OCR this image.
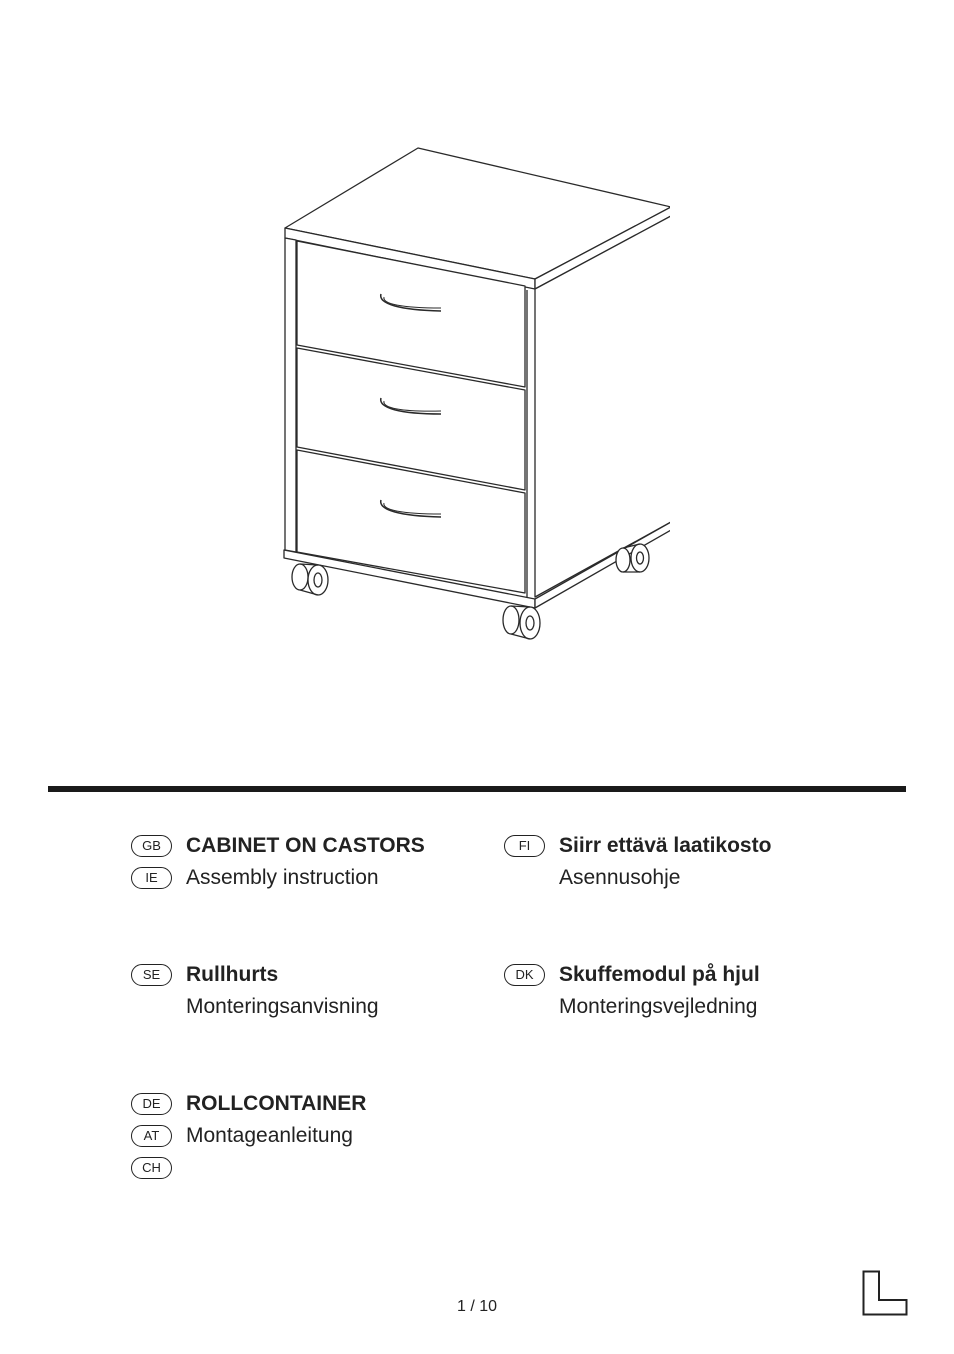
GB	CABINET ON CASTORS
IE	Assembly instruction
FI	Siirr ettävä laatikosto
Asennusohje
SE	Rullhurts
Monteringsanvisning
DK	Skuffemodul på hjul
Monteringsvejledning
DE	ROLLCONTAINER
AT	Montageanleitung
CH
1 / 10
